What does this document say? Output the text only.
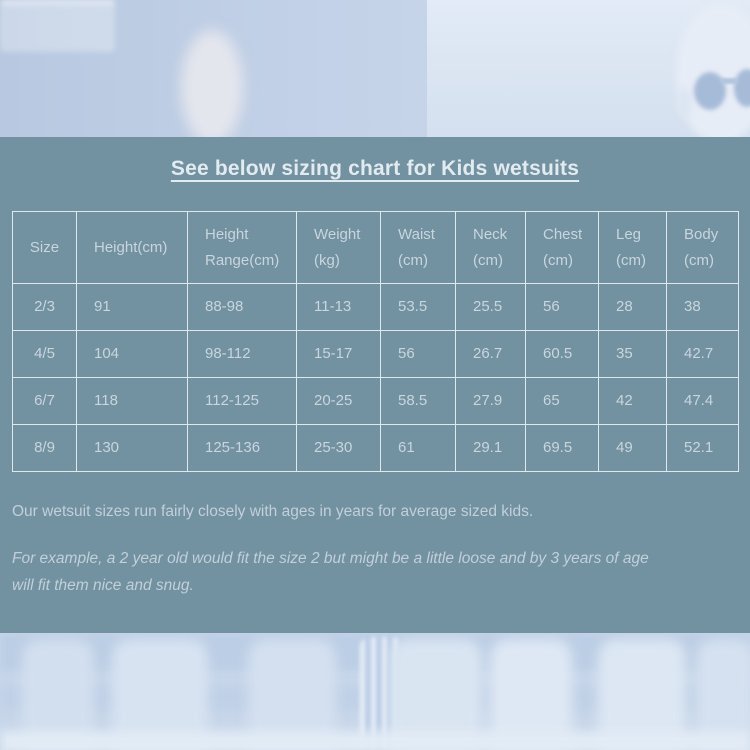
See below sizing chart for Kids wetsuits
Size	Height(cm)	Height Range(cm)	Weight (kg)	Waist (cm)	Neck (cm)	Chest (cm)	Leg (cm)	Body (cm)
2/3	91	88-98	11-13	53.5	25.5	56	28	38
4/5	104	98-112	15-17	56	26.7	60.5	35	42.7
6/7	118	112-125	20-25	58.5	27.9	65	42	47.4
8/9	130	125-136	25-30	61	29.1	69.5	49	52.1

Our wetsuit sizes run fairly closely with ages in years for average sized kids.

For example, a 2 year old would fit the size 2 but might be a little loose and by 3 years of age will fit them nice and snug.
